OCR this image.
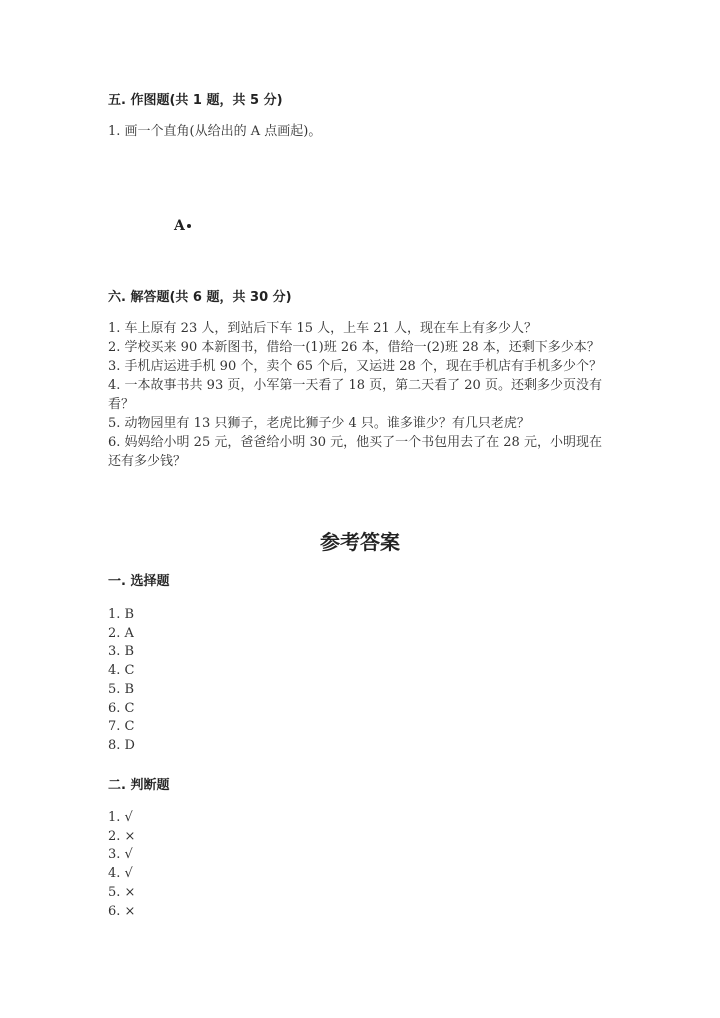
五. 作图题(共 1 题，共 5 分)
1. 画一个直角(从给出的 A 点画起)。
A
六. 解答题(共 6 题，共 30 分)
1. 车上原有 23 人，到站后下车 15 人，上车 21 人，现在车上有多少人？
2. 学校买来 90 本新图书，借给一(1)班 26 本，借给一(2)班 28 本，还剩下多少本？
3. 手机店运进手机 90 个，卖个 65 个后，又运进 28 个，现在手机店有手机多少个？
4. 一本故事书共 93 页，小军第一天看了 18 页，第二天看了 20 页。还剩多少页没有看？
5. 动物园里有 13 只狮子，老虎比狮子少 4 只。谁多谁少？有几只老虎？
6. 妈妈给小明 25 元，爸爸给小明 30 元，他买了一个书包用去了在 28 元，小明现在还有多少钱？
参考答案
一. 选择题
1. B
2. A
3. B
4. C
5. B
6. C
7. C
8. D
二. 判断题
1. √
2. ×
3. √
4. √
5. ×
6. ×
